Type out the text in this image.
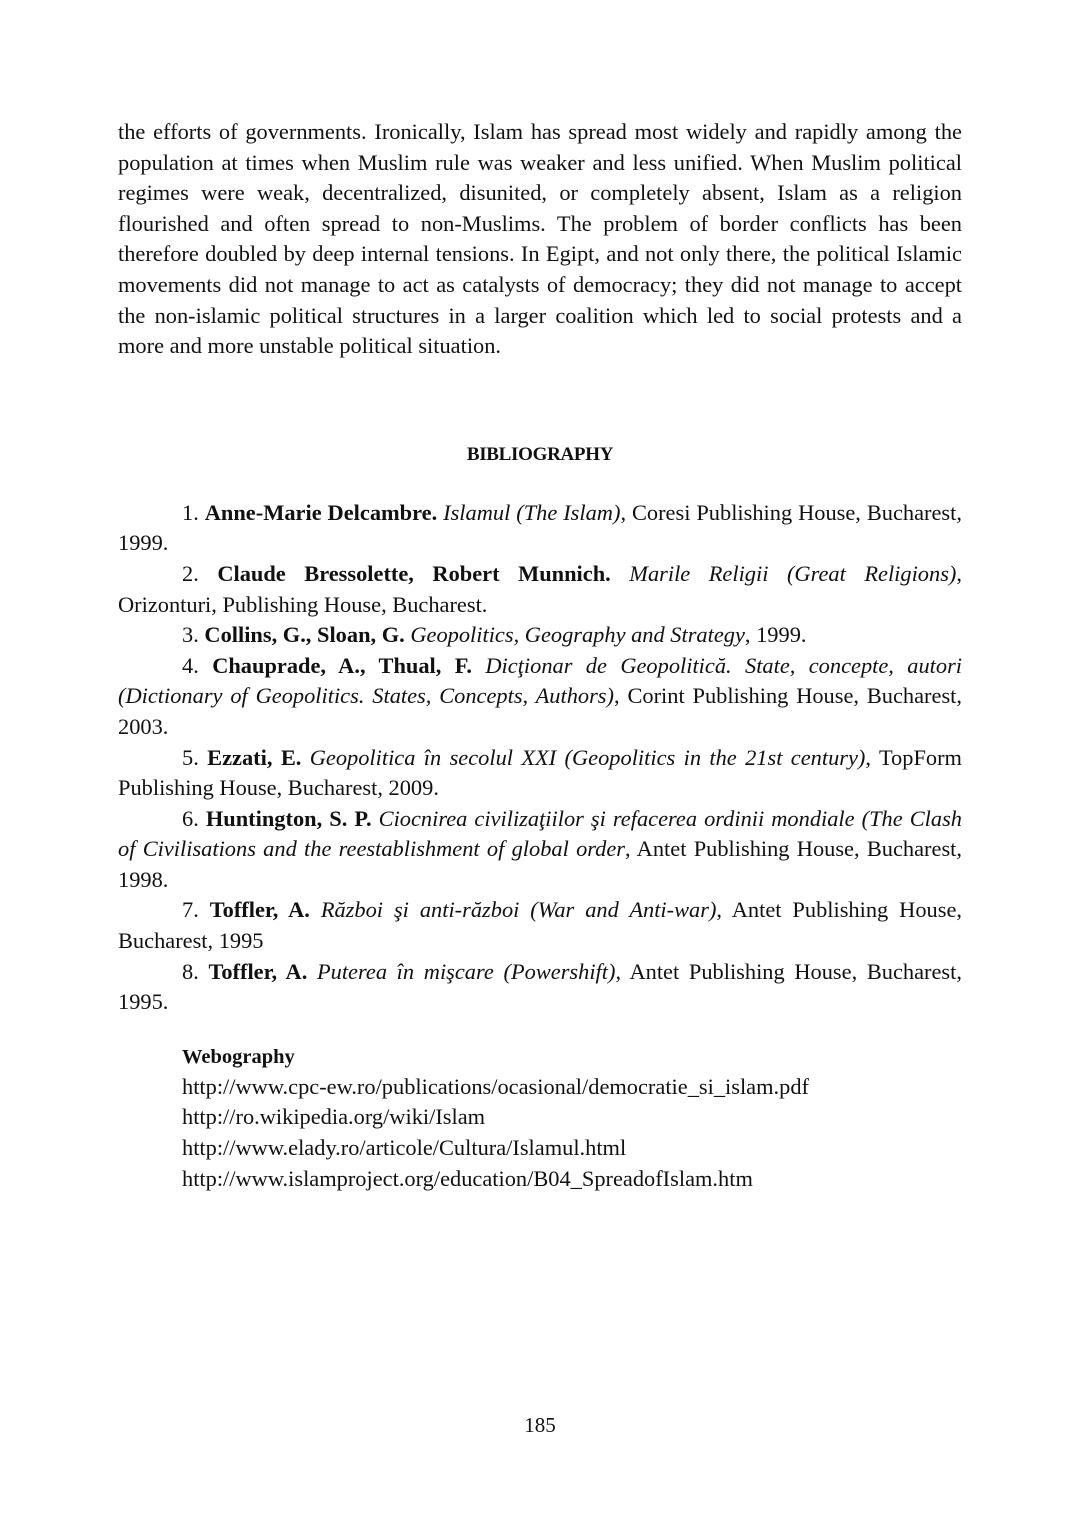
the efforts of governments. Ironically, Islam has spread most widely and rapidly among the population at times when Muslim rule was weaker and less unified. When Muslim political regimes were weak, decentralized, disunited, or completely absent, Islam as a religion flourished and often spread to non-Muslims. The problem of border conflicts has been therefore doubled by deep internal tensions. In Egipt, and not only there, the political Islamic movements did not manage to act as catalysts of democracy; they did not manage to accept the non-islamic political structures in a larger coalition which led to social protests and a more and more unstable political situation.

BIBLIOGRAPHY

1. Anne-Marie Delcambre. Islamul (The Islam), Coresi Publishing House, Bucharest, 1999.

2. Claude Bressolette, Robert Munnich. Marile Religii (Great Religions), Orizonturi, Publishing House, Bucharest.

3. Collins, G., Sloan, G. Geopolitics, Geography and Strategy, 1999.

4. Chauprade, A., Thual, F. Dicţionar de Geopolitică. State, concepte, autori (Dictionary of Geopolitics. States, Concepts, Authors), Corint Publishing House, Bucharest, 2003.

5. Ezzati, E. Geopolitica în secolul XXI (Geopolitics in the 21st century), TopForm Publishing House, Bucharest, 2009.

6. Huntington, S. P. Ciocnirea civilizaţiilor şi refacerea ordinii mondiale (The Clash of Civilisations and the reestablishment of global order, Antet Publishing House, Bucharest, 1998.

7. Toffler, A. Război şi anti-război (War and Anti-war), Antet Publishing House, Bucharest, 1995

8. Toffler, A. Puterea în mişcare (Powershift), Antet Publishing House, Bucharest, 1995.

Webography
http://www.cpc-ew.ro/publications/ocasional/democratie_si_islam.pdf
http://ro.wikipedia.org/wiki/Islam
http://www.elady.ro/articole/Cultura/Islamul.html
http://www.islamproject.org/education/B04_SpreadofIslam.htm
185
